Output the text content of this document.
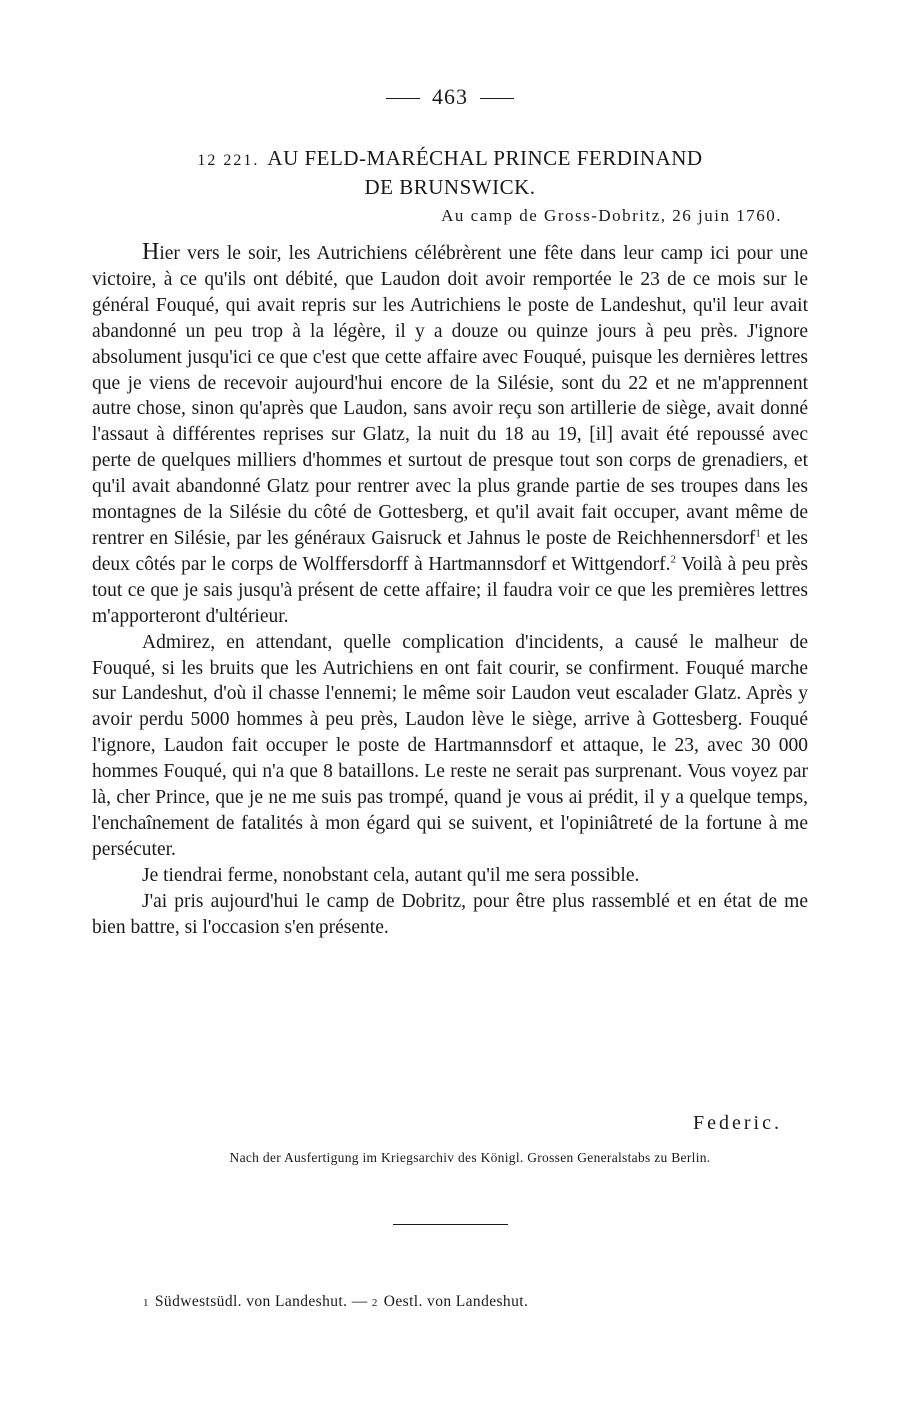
463
12 221. AU FELD-MARÉCHAL PRINCE FERDINAND
DE BRUNSWICK.
Au camp de Gross-Dobritz, 26 juin 1760.

Hier vers le soir, les Autrichiens célébrèrent une fête dans leur camp ici pour une victoire, à ce qu'ils ont débité, que Laudon doit avoir remportée le 23 de ce mois sur le général Fouqué, qui avait repris sur les Autrichiens le poste de Landeshut, qu'il leur avait abandonné un peu trop à la légère, il y a douze ou quinze jours à peu près. J'ignore absolument jusqu'ici ce que c'est que cette affaire avec Fouqué, puisque les dernières lettres que je viens de recevoir aujourd'hui encore de la Silésie, sont du 22 et ne m'apprennent autre chose, sinon qu'après que Laudon, sans avoir reçu son artillerie de siège, avait donné l'assaut à différentes reprises sur Glatz, la nuit du 18 au 19, [il] avait été repoussé avec perte de quelques milliers d'hommes et surtout de presque tout son corps de grenadiers, et qu'il avait abandonné Glatz pour rentrer avec la plus grande partie de ses troupes dans les montagnes de la Silésie du côté de Gottesberg, et qu'il avait fait occuper, avant même de rentrer en Silésie, par les généraux Gaisruck et Jahnus le poste de Reichhennersdorf$^1$ et les deux côtés par le corps de Wolffersdorff à Hartmannsdorf et Wittgendorf.$^2$ Voilà à peu près tout ce que je sais jusqu'à présent de cette affaire; il faudra voir ce que les premières lettres m'apporteront d'ultérieur.

Admirez, en attendant, quelle complication d'incidents, a causé le malheur de Fouqué, si les bruits que les Autrichiens en ont fait courir, se confirment. Fouqué marche sur Landeshut, d'où il chasse l'ennemi; le même soir Laudon veut escalader Glatz. Après y avoir perdu 5000 hommes à peu près, Laudon lève le siège, arrive à Gottesberg. Fouqué l'ignore, Laudon fait occuper le poste de Hartmannsdorf et attaque, le 23, avec 30 000 hommes Fouqué, qui n'a que 8 bataillons. Le reste ne serait pas surprenant. Vous voyez par là, cher Prince, que je ne me suis pas trompé, quand je vous ai prédit, il y a quelque temps, l'enchaînement de fatalités à mon égard qui se suivent, et l'opiniâtreté de la fortune à me persécuter.

Je tiendrai ferme, nonobstant cela, autant qu'il me sera possible.

J'ai pris aujourd'hui le camp de Dobritz, pour être plus rassemblé et en état de me bien battre, si l'occasion s'en présente.

Federic.
Nach der Ausfertigung im Kriegsarchiv des Königl. Grossen Generalstabs zu Berlin.
1 Südwestsüdl. von Landeshut. — 2 Oestl. von Landeshut.
